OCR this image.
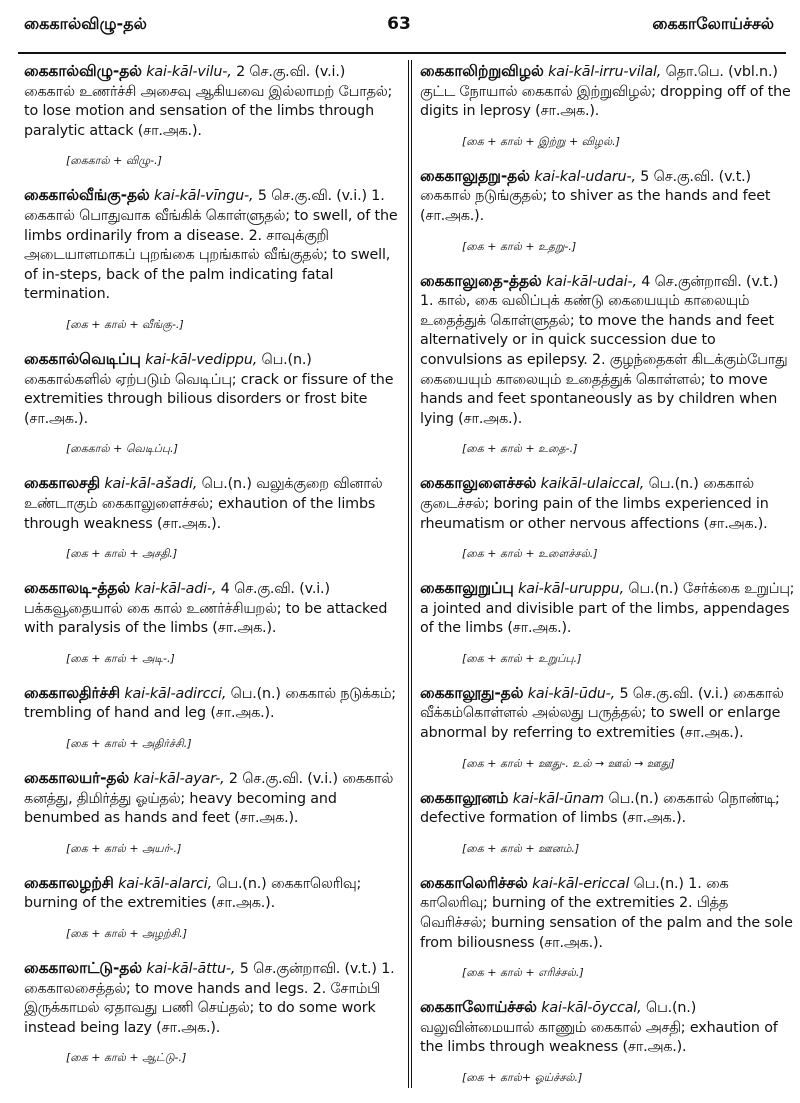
கைகால்விழு-தல்	63	கைகாலோய்ச்சல்

கைகால்விழு-தல் kai-kāl-vilu-, 2 செ.கு.வி. (v.i.) கைகால் உணர்ச்சி அசைவு ஆகியவை இல்லாமற் போதல்; to lose motion and sensation of the limbs through paralytic attack (சா.அக.).

[கைகால் + விழு-.]

கைகால்வீங்கு-தல் kai-kāl-vīngu-, 5 செ.கு.வி. (v.i.) 1. கைகால் பொதுவாக வீங்கிக் கொள்ளுதல்; to swell, of the limbs ordinarily from a disease. 2. சாவுக்குறி அடையாளமாகப் புறங்கை புறங்கால் வீங்குதல்; to swell, of in-steps, back of the palm indicating fatal termination.

[கை + கால் + வீங்கு-.]

கைகால்வெடிப்பு kai-kāl-vedippu, பெ.(n.) கைகால்களில் ஏற்படும் வெடிப்பு; crack or fissure of the extremities through bilious disorders or frost bite (சா.அக.).

[கைகால் + வெடிப்பு.]

கைகாலசதி kai-kāl-ašadi, பெ.(n.) வலுக்குறை வினால் உண்டாகும் கைகாலுளைச்சல்; exhaution of the limbs through weakness (சா.அக.).

[கை + கால் + அசதி.]

கைகாலடி-த்தல் kai-kāl-adi-, 4 செ.கு.வி. (v.i.) பக்கவூதையால் கை கால் உணர்ச்சியறல்; to be attacked with paralysis of the limbs (சா.அக.).

[கை + கால் + அடி-.]

கைகாலதிர்ச்சி kai-kāl-adircci, பெ.(n.) கைகால் நடுக்கம்; trembling of hand and leg (சா.அக.).

[கை + கால் + அதிர்ச்சி.]

கைகாலயர்-தல் kai-kāl-ayar-, 2 செ.கு.வி. (v.i.) கைகால் கனத்து, திமிர்த்து ஓய்தல்; heavy becoming and benumbed as hands and feet (சா.அக.).

[கை + கால் + அயர்-.]

கைகாலழற்சி kai-kāl-alarci, பெ.(n.) கைகாலெரிவு; burning of the extremities (சா.அக.).

[கை + கால் + அழற்சி.]

கைகாலாட்டு-தல் kai-kāl-āttu-, 5 செ.குன்றாவி. (v.t.) 1. கைகாலசைத்தல்; to move hands and legs. 2. சோம்பி இருக்காமல் ஏதாவது பணி செய்தல்; to do some work instead being lazy (சா.அக.).

[கை + கால் + ஆட்டு-.]

கைகாலிற்றுவிழல் kai-kāl-irru-vilal, தொ.பெ. (vbl.n.) குட்ட நோயால் கைகால் இற்றுவிழல்; dropping off of the digits in leprosy (சா.அக.).

[கை + கால் + இற்று + விழல்.]

கைகாலுதறு-தல் kai-kal-udaru-, 5 செ.கு.வி. (v.t.) கைகால் நடுங்குதல்; to shiver as the hands and feet (சா.அக.).

[கை + கால் + உதறு-.]

கைகாலுதை-த்தல் kai-kāl-udai-, 4 செ.குன்றாவி. (v.t.) 1. கால், கை வலிப்புக் கண்டு கையையும் காலையும் உதைத்துக் கொள்ளுதல்; to move the hands and feet alternatively or in quick succession due to convulsions as epilepsy. 2. குழந்தைகள் கிடக்கும்போது கையையும் காலையும் உதைத்துக் கொள்ளல்; to move hands and feet spontaneously as by children when lying (சா.அக.).

[கை + கால் + உதை-.]

கைகாலுளைச்சல் kaikāl-ulaiccal, பெ.(n.) கைகால் குடைச்சல்; boring pain of the limbs experienced in rheumatism or other nervous affections (சா.அக.).

[கை + கால் + உளைச்சல்.]

கைகாலுறுப்பு kai-kāl-uruppu, பெ.(n.) சேர்க்கை உறுப்பு; a jointed and divisible part of the limbs, appendages of the limbs (சா.அக.).

[கை + கால் + உறுப்பு.]

கைகாலூது-தல் kai-kāl-ūdu-, 5 செ.கு.வி. (v.i.) கைகால் வீக்கம்கொள்ளல் அல்லது பருத்தல்; to swell or enlarge abnormal by referring to extremities (சா.அக.).

[கை + கால் + ஊது-. உல் → ஊல் → ஊது]

கைகாலூனம் kai-kāl-ūnam பெ.(n.) கைகால் நொண்டி; defective formation of limbs (சா.அக.).

[கை + கால் + ஊனம்.]

கைகாலெரிச்சல் kai-kāl-ericcal பெ.(n.) 1. கை காலெரிவு; burning of the extremities 2. பித்த வெரிச்சல்; burning sensation of the palm and the sole from biliousness (சா.அக.).

[கை + கால் + எரிச்சல்.]

கைகாலோய்ச்சல் kai-kāl-ōyccal, பெ.(n.) வலுவின்மையால் காணும் கைகால் அசதி; exhaution of the limbs through weakness (சா.அக.).

[கை + கால்+ ஓய்ச்சல்.]
